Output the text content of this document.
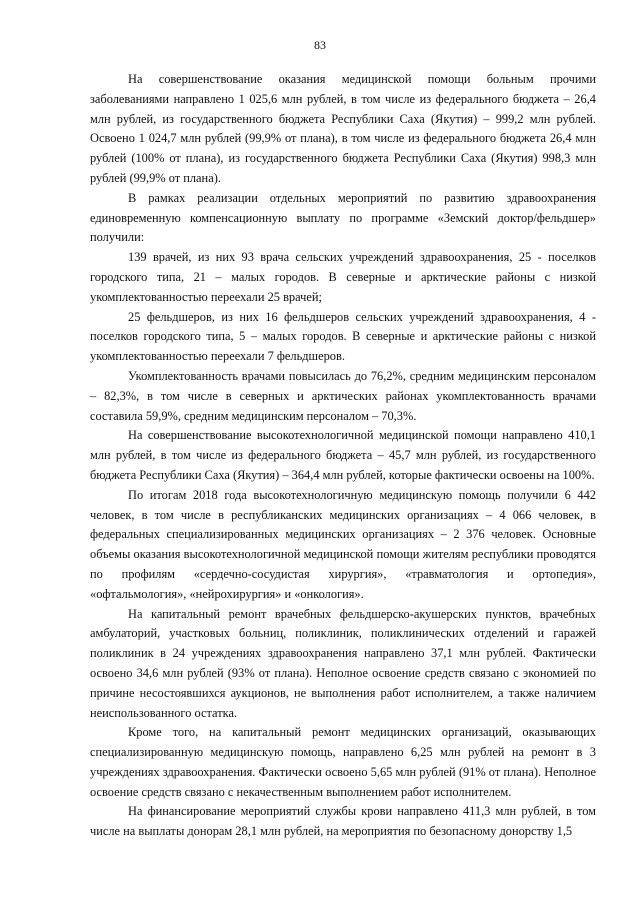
83

На совершенствование оказания медицинской помощи больным прочими заболеваниями направлено 1 025,6 млн рублей, в том числе из федерального бюджета – 26,4 млн рублей, из государственного бюджета Республики Саха (Якутия) – 999,2 млн рублей. Освоено 1 024,7 млн рублей (99,9% от плана), в том числе из федерального бюджета 26,4 млн рублей (100% от плана), из государственного бюджета Республики Саха (Якутия) 998,3 млн рублей (99,9% от плана).

В рамках реализации отдельных мероприятий по развитию здравоохранения единовременную компенсационную выплату по программе «Земский доктор/фельдшер» получили:

139 врачей, из них 93 врача сельских учреждений здравоохранения, 25 - поселков городского типа, 21 – малых городов. В северные и арктические районы с низкой укомплектованностью переехали 25 врачей;

25 фельдшеров, из них 16 фельдшеров сельских учреждений здравоохранения, 4 - поселков городского типа, 5 – малых городов. В северные и арктические районы с низкой укомплектованностью переехали 7 фельдшеров.

Укомплектованность врачами повысилась до 76,2%, средним медицинским персоналом – 82,3%, в том числе в северных и арктических районах укомплектованность врачами составила 59,9%, средним медицинским персоналом – 70,3%.

На совершенствование высокотехнологичной медицинской помощи направлено 410,1 млн рублей, в том числе из федерального бюджета – 45,7 млн рублей, из государственного бюджета Республики Саха (Якутия) – 364,4 млн рублей, которые фактически освоены на 100%.

По итогам 2018 года высокотехнологичную медицинскую помощь получили 6 442 человек, в том числе в республиканских медицинских организациях – 4 066 человек, в федеральных специализированных медицинских организациях – 2 376 человек. Основные объемы оказания высокотехнологичной медицинской помощи жителям республики проводятся по профилям «сердечно-сосудистая хирургия», «травматология и ортопедия», «офтальмология», «нейрохирургия» и «онкология».

На капитальный ремонт врачебных фельдшерско-акушерских пунктов, врачебных амбулаторий, участковых больниц, поликлиник, поликлинических отделений и гаражей поликлиник в 24 учреждениях здравоохранения направлено 37,1 млн рублей. Фактически освоено 34,6 млн рублей (93% от плана). Неполное освоение средств связано с экономией по причине несостоявшихся аукционов, не выполнения работ исполнителем, а также наличием неиспользованного остатка.

Кроме того, на капитальный ремонт медицинских организаций, оказывающих специализированную медицинскую помощь, направлено 6,25 млн рублей на ремонт в 3 учреждениях здравоохранения. Фактически освоено 5,65 млн рублей (91% от плана). Неполное освоение средств связано с некачественным выполнением работ исполнителем.

На финансирование мероприятий службы крови направлено 411,3 млн рублей, в том числе на выплаты донорам 28,1 млн рублей, на мероприятия по безопасному донорству 1,5
